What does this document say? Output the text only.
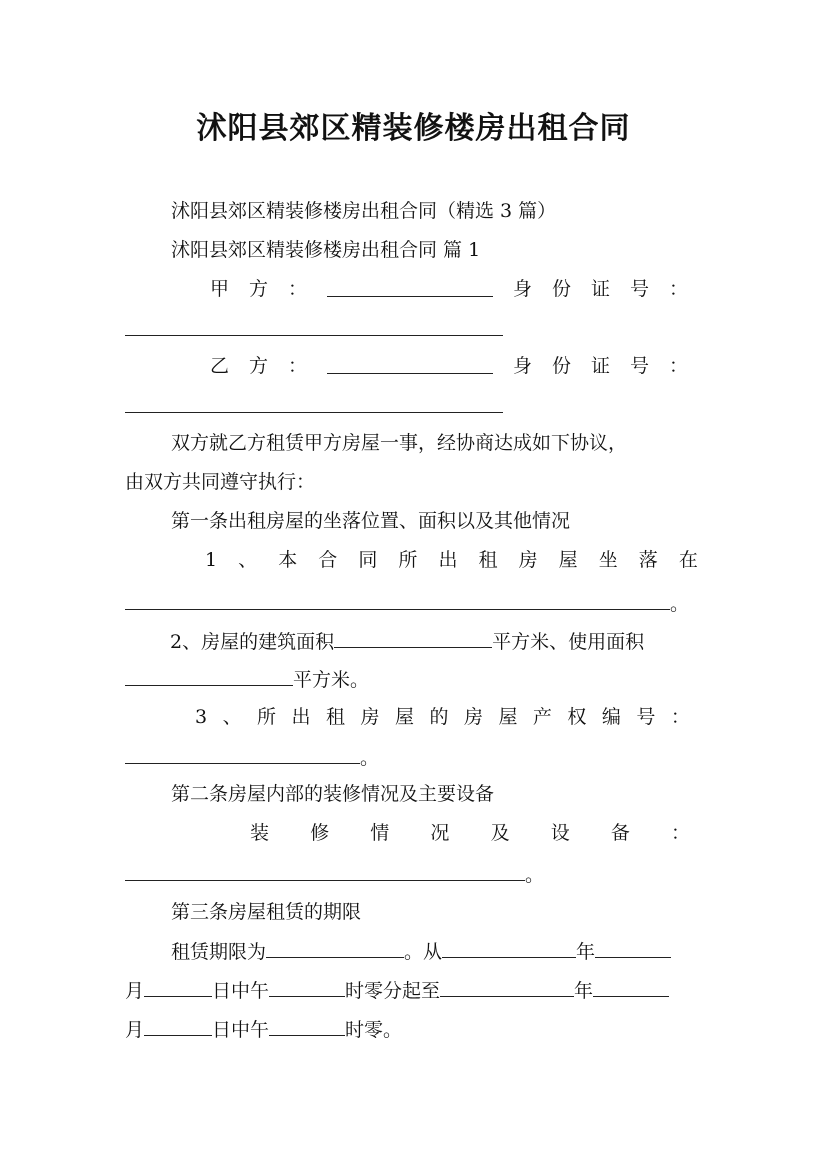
沭阳县郊区精装修楼房出租合同
沭阳县郊区精装修楼房出租合同（精选 3 篇）
沭阳县郊区精装修楼房出租合同 篇 1
甲 方 ：	身 份 证 号 ：
乙 方 ：	身 份 证 号 ：
双方就乙方租赁甲方房屋一事，经协商达成如下协议，
由双方共同遵守执行：
第一条出租房屋的坐落位置、面积以及其他情况
1 、 本 合 同 所 出 租 房 屋 坐 落 在
。
2、房屋的建筑面积	平方米、使用面积
平方米。
3 、 所 出 租 房 屋 的 房 屋 产 权 编 号 ：
。
第二条房屋内部的装修情况及主要设备
装 修 情 况 及 设 备 ：
。
第三条房屋租赁的期限
租赁期限为	。从	年
月	日中午	时零分起至	年
月	日中午	时零。
